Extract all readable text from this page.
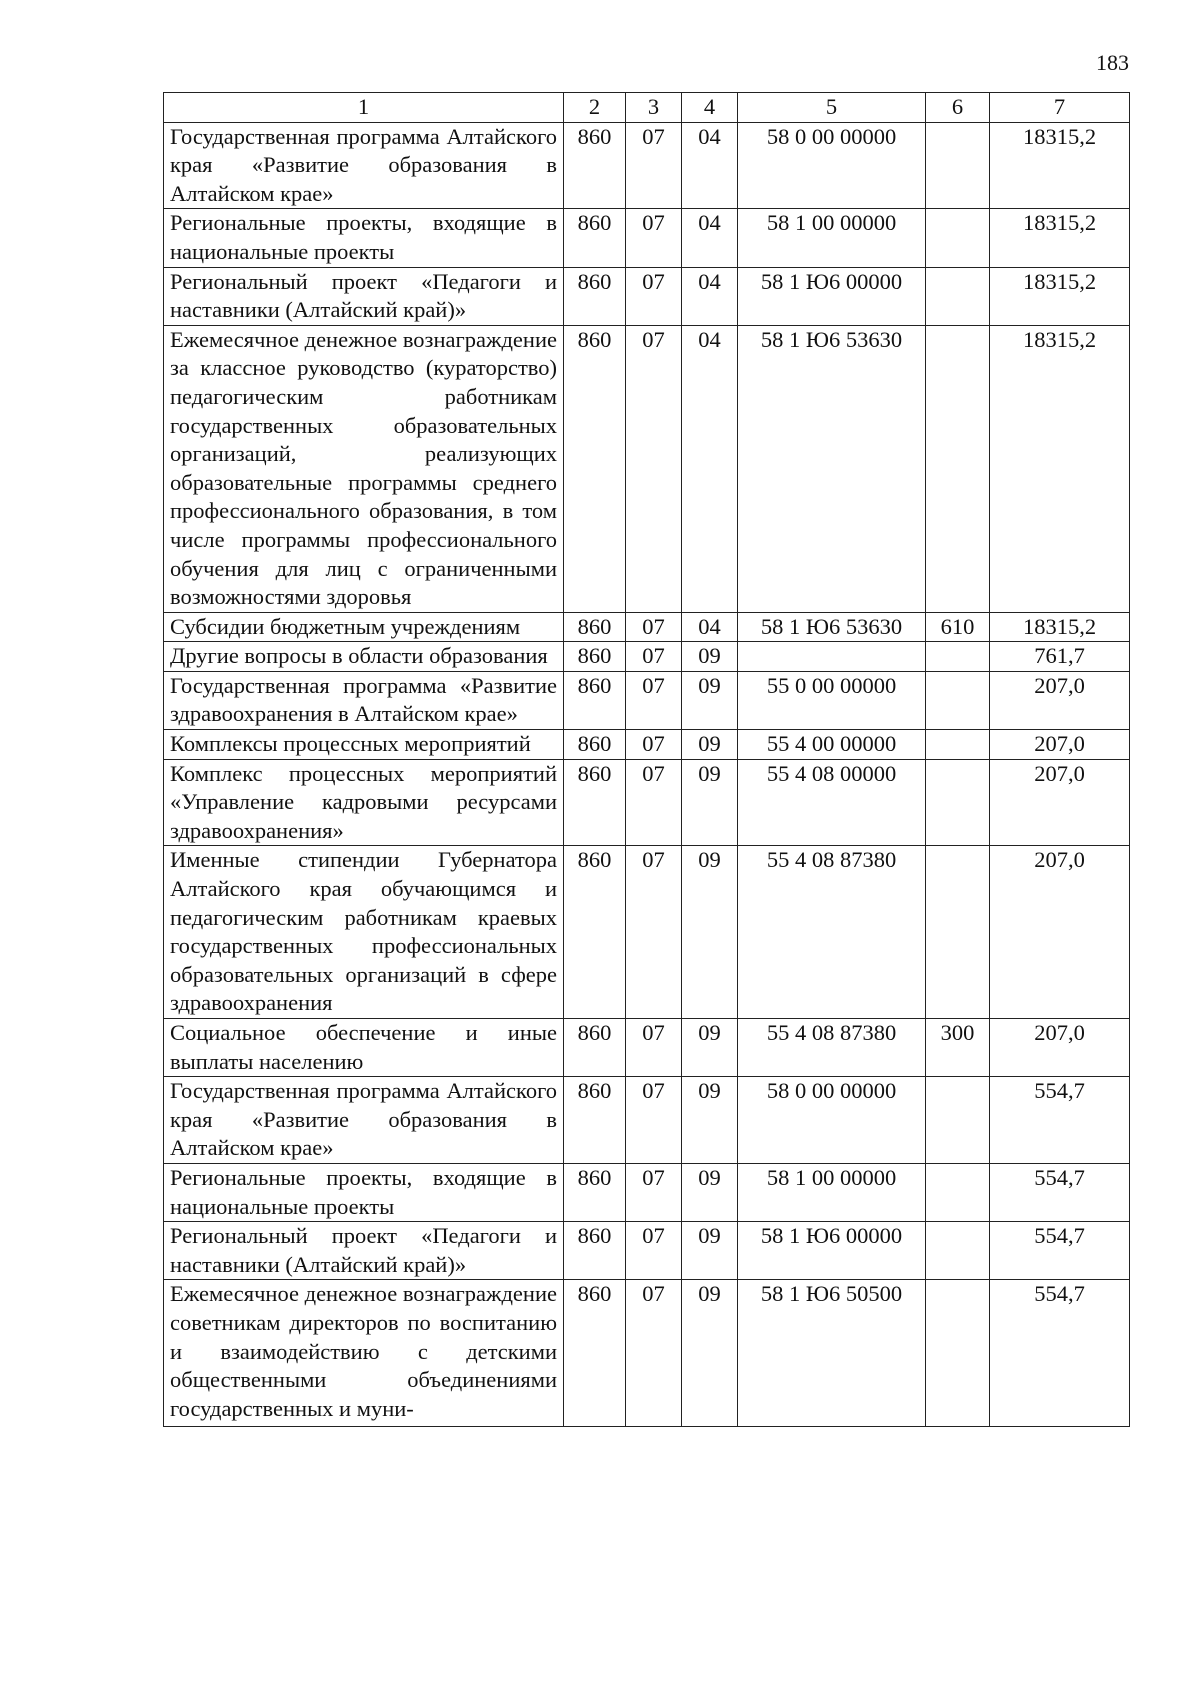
183
1	2	3	4	5	6	7
Государственная программа Алтайского края «Развитие образования в Алтайском крае»	860	07	04	58 0 00 00000		18315,2
Региональные проекты, входящие в национальные проекты	860	07	04	58 1 00 00000		18315,2
Региональный проект «Педагоги и наставники (Алтайский край)»	860	07	04	58 1 Ю6 00000		18315,2
Ежемесячное денежное вознаграждение за классное руководство (кураторство) педагогическим работникам государственных образовательных организаций, реализующих образовательные программы среднего профессионального образования, в том числе программы профессионального обучения для лиц с ограниченными возможностями здоровья	860	07	04	58 1 Ю6 53630		18315,2
Субсидии бюджетным учреждениям	860	07	04	58 1 Ю6 53630	610	18315,2
Другие вопросы в области образования	860	07	09			761,7
Государственная программа «Развитие здравоохранения в Алтайском крае»	860	07	09	55 0 00 00000		207,0
Комплексы процессных мероприятий	860	07	09	55 4 00 00000		207,0
Комплекс процессных мероприятий «Управление кадровыми ресурсами здравоохранения»	860	07	09	55 4 08 00000		207,0
Именные стипендии Губернатора Алтайского края обучающимся и педагогическим работникам краевых государственных профессиональных образовательных организаций в сфере здравоохранения	860	07	09	55 4 08 87380		207,0
Социальное обеспечение и иные выплаты населению	860	07	09	55 4 08 87380	300	207,0
Государственная программа Алтайского края «Развитие образования в Алтайском крае»	860	07	09	58 0 00 00000		554,7
Региональные проекты, входящие в национальные проекты	860	07	09	58 1 00 00000		554,7
Региональный проект «Педагоги и наставники (Алтайский край)»	860	07	09	58 1 Ю6 00000		554,7
Ежемесячное денежное вознаграждение советникам директоров по воспитанию и взаимодействию с детскими общественными объединениями государственных и муни-	860	07	09	58 1 Ю6 50500		554,7
